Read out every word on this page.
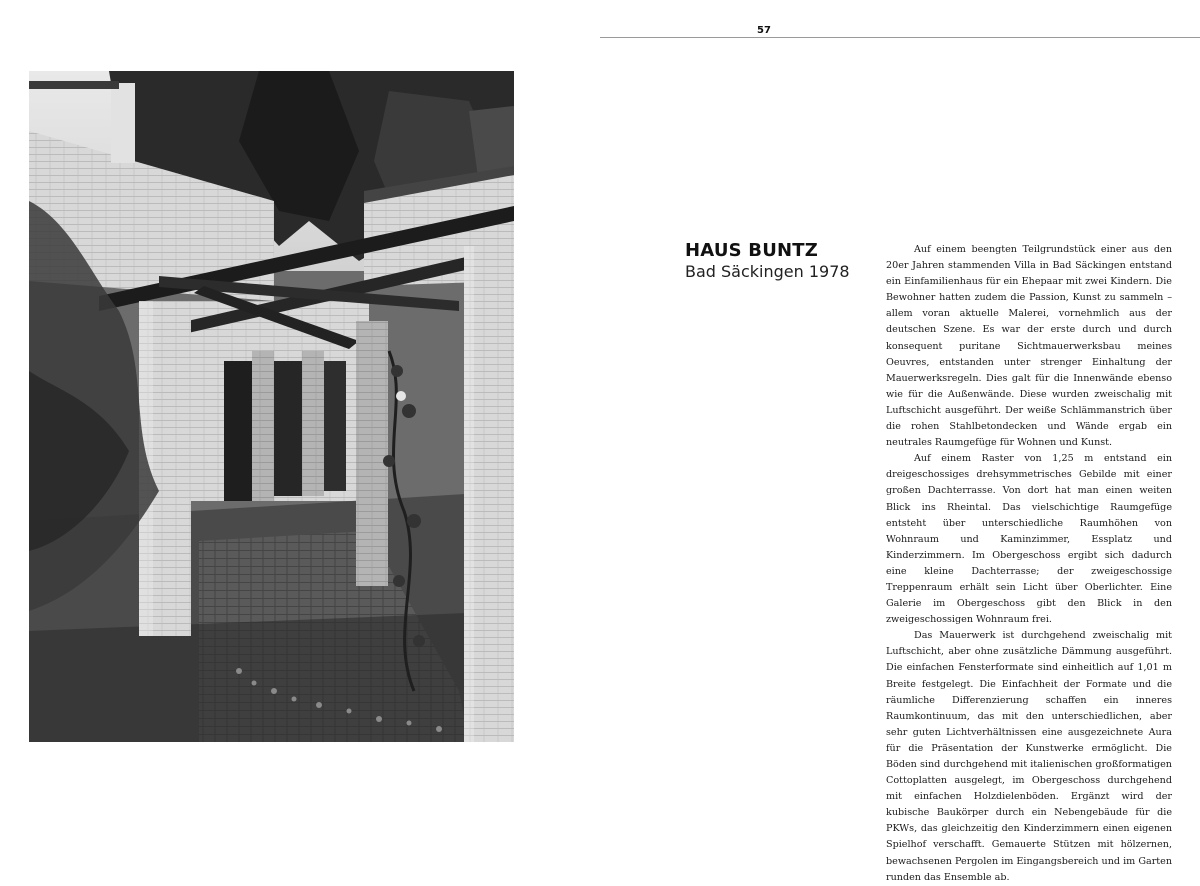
57
HAUS BUNTZ
Bad Säckingen 1978

Auf einem beengten Teilgrundstück einer aus den 20er Jahren stammenden Villa in Bad Säckingen entstand ein Einfamilienhaus für ein Ehepaar mit zwei Kindern. Die Bewohner hatten zudem die Passion, Kunst zu sammeln – allem voran aktuelle Malerei, vornehmlich aus der deutschen Szene. Es war der erste durch und durch konsequent puritane Sichtmauerwerksbau meines Oeuvres, entstanden unter strenger Einhaltung der Mauerwerksregeln. Dies galt für die Innenwände ebenso wie für die Außenwände. Diese wurden zweischalig mit Luftschicht ausgeführt. Der weiße Schlämmanstrich über die rohen Stahlbetondecken und Wände ergab ein neutrales Raumgefüge für Wohnen und Kunst.

Auf einem Raster von 1,25 m entstand ein dreigeschossiges drehsymmetrisches Gebilde mit einer großen Dachterrasse. Von dort hat man einen weiten Blick ins Rheintal. Das vielschichtige Raumgefüge entsteht über unterschiedliche Raumhöhen von Wohnraum und Kaminzimmer, Essplatz und Kinderzimmern. Im Obergeschoss ergibt sich dadurch eine kleine Dachterrasse; der zweigeschossige Treppenraum erhält sein Licht über Oberlichter. Eine Galerie im Obergeschoss gibt den Blick in den zweigeschossigen Wohnraum frei.

Das Mauerwerk ist durchgehend zweischalig mit Luftschicht, aber ohne zusätzliche Dämmung ausgeführt. Die einfachen Fensterformate sind einheitlich auf 1,01 m Breite festgelegt. Die Einfachheit der Formate und die räumliche Differenzierung schaffen ein inneres Raumkontinuum, das mit den unterschiedlichen, aber sehr guten Lichtverhältnissen eine ausgezeichnete Aura für die Präsentation der Kunstwerke ermöglicht. Die Böden sind durchgehend mit italienischen großformatigen Cottoplatten ausgelegt, im Obergeschoss durchgehend mit einfachen Holzdielenböden. Ergänzt wird der kubische Baukörper durch ein Nebengebäude für die PKWs, das gleichzeitig den Kinderzimmern einen eigenen Spielhof verschafft. Gemauerte Stützen mit hölzernen, bewachsenen Pergolen im Eingangsbereich und im Garten runden das Ensemble ab.
